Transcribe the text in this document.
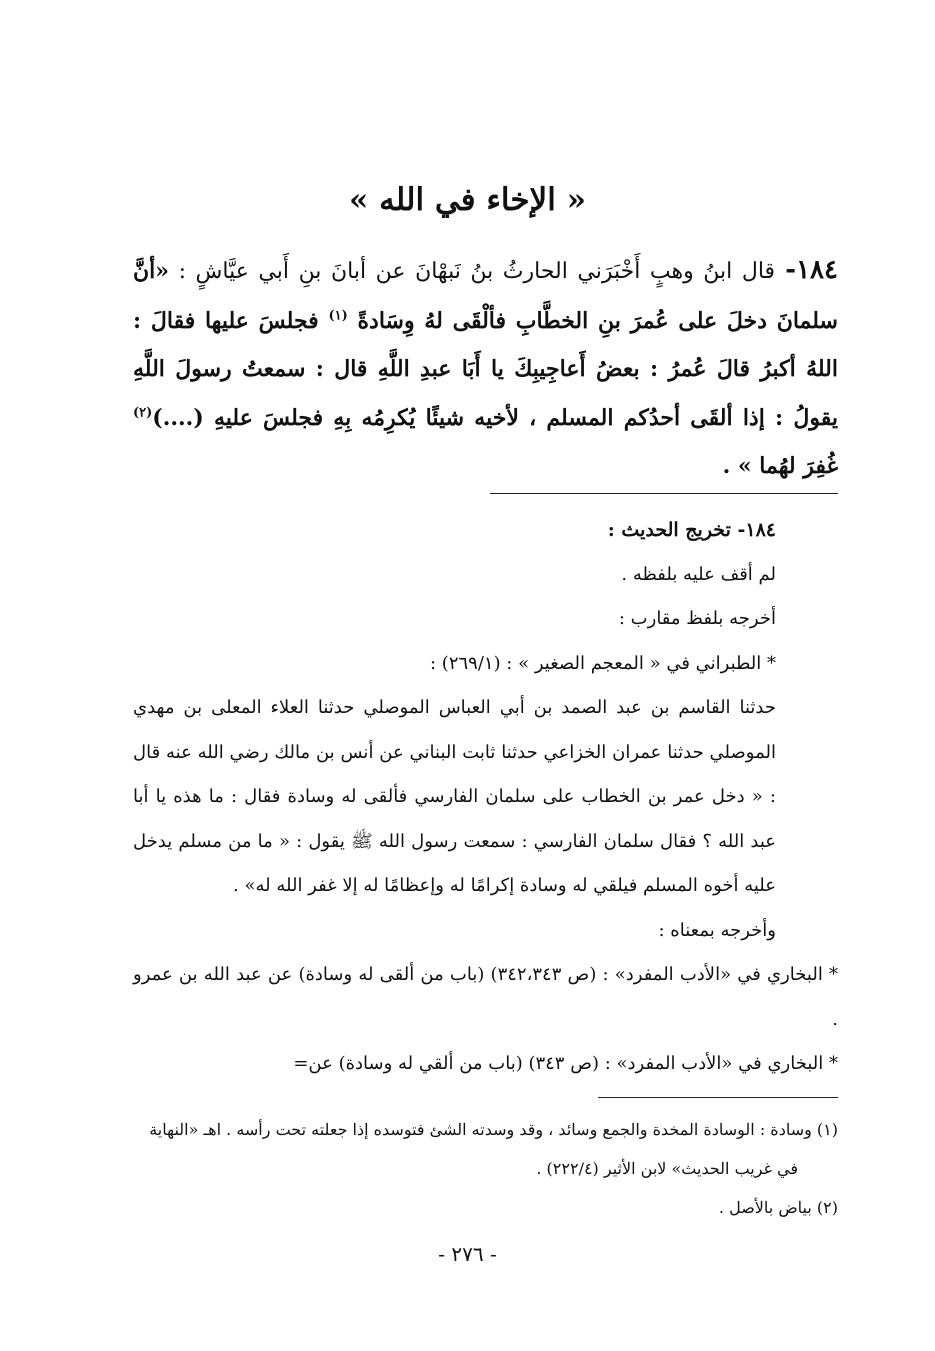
« الإخاء في الله »
١٨٤- قال ابنُ وهبٍ أَخْبَرَني الحارثُ بنُ نَبهْانَ عن أبانَ بنِ أَبي عيَّاشٍ : «أنَّ سلمانَ دخلَ على عُمرَ بنِ الخطَّابِ فألْقَى لهُ وِسَادةً $^{(١)}$ فجلسَ عليها فقالَ : اللهُ أكبرُ قالَ عُمرُ : بعضُ أَعاجِيبِكَ يا أَبَا عبدِ اللَّهِ قال : سمعتُ رسولَ اللَّهِ يقولُ : إذا ألقَى أحدُكم المسلم ، لأخيه شيئًا يُكرِمُه بِهِ فجلسَ عليهِ (....)$^{(٢)}$ غُفِرَ لهُما » .

١٨٤- تخريج الحديث :

لم أقف عليه بلفظه .

أخرجه بلفظ مقارب :

* الطبراني في « المعجم الصغير » : (٢٦٩/١) :

حدثنا القاسم بن عبد الصمد بن أبي العباس الموصلي حدثنا العلاء المعلى بن مهدي الموصلي حدثنا عمران الخزاعي حدثنا ثابت البناني عن أنس بن مالك رضي الله عنه قال : « دخل عمر بن الخطاب على سلمان الفارسي فألقى له وسادة فقال : ما هذه يا أبا عبد الله ؟ فقال سلمان الفارسي : سمعت رسول الله ﷺ يقول : « ما من مسلم يدخل عليه أخوه المسلم فيلقي له وسادة إكرامًا له وإعظامًا له إلا غفر الله له» .

وأخرجه بمعناه :

* البخاري في «الأدب المفرد» : (ص ٣٤٢،٣٤٣) (باب من ألقى له وسادة) عن عبد الله بن عمرو .

* البخاري في «الأدب المفرد» : (ص ٣٤٣) (باب من ألقي له وسادة) عن=

(١) وسادة : الوسادة المخدة والجمع وسائد ، وقد وسدته الشئ فتوسده إذا جعلته تحت رأسه . اهـ «النهاية

في غريب الحديث» لابن الأثير (٢٢٢/٤) .

(٢) بياض بالأصل .

- ٢٧٦ -
